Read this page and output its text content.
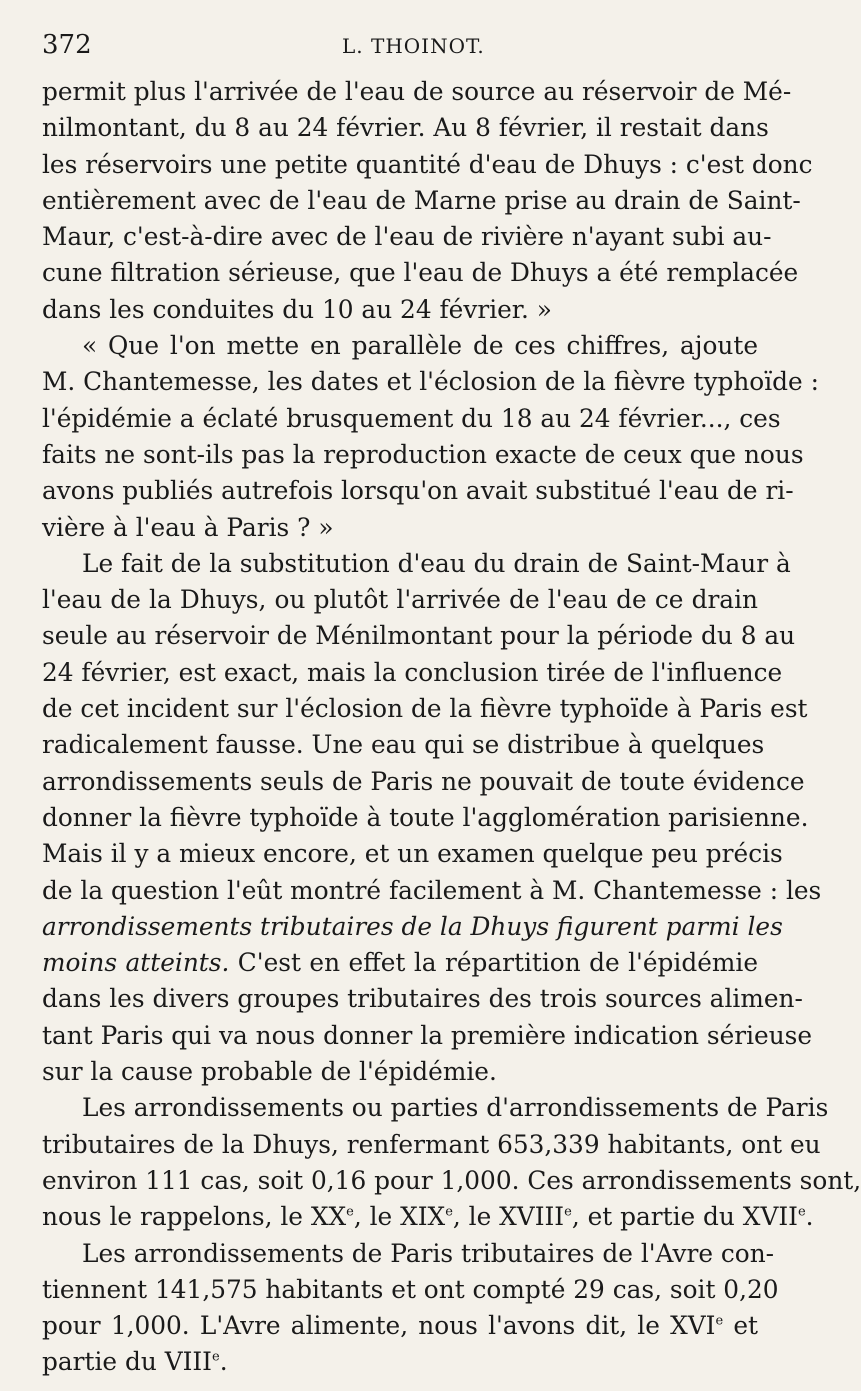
372	L. THOINOT.
permit plus l'arrivée de l'eau de source au réservoir de Mé-
nilmontant, du 8 au 24 février. Au 8 février, il restait dans
les réservoirs une petite quantité d'eau de Dhuys : c'est donc
entièrement avec de l'eau de Marne prise au drain de Saint-
Maur, c'est-à-dire avec de l'eau de rivière n'ayant subi au-
cune filtration sérieuse, que l'eau de Dhuys a été remplacée
dans les conduites du 10 au 24 février. »
« Que l'on mette en parallèle de ces chiffres, ajoute
M. Chantemesse, les dates et l'éclosion de la fièvre typhoïde :
l'épidémie a éclaté brusquement du 18 au 24 février..., ces
faits ne sont-ils pas la reproduction exacte de ceux que nous
avons publiés autrefois lorsqu'on avait substitué l'eau de ri-
vière à l'eau à Paris ? »
Le fait de la substitution d'eau du drain de Saint-Maur à
l'eau de la Dhuys, ou plutôt l'arrivée de l'eau de ce drain
seule au réservoir de Ménilmontant pour la période du 8 au
24 février, est exact, mais la conclusion tirée de l'influence
de cet incident sur l'éclosion de la fièvre typhoïde à Paris est
radicalement fausse. Une eau qui se distribue à quelques
arrondissements seuls de Paris ne pouvait de toute évidence
donner la fièvre typhoïde à toute l'agglomération parisienne.
Mais il y a mieux encore, et un examen quelque peu précis
de la question l'eût montré facilement à M. Chantemesse : les
arrondissements tributaires de la Dhuys figurent parmi les
moins atteints. C'est en effet la répartition de l'épidémie
dans les divers groupes tributaires des trois sources alimen-
tant Paris qui va nous donner la première indication sérieuse
sur la cause probable de l'épidémie.
Les arrondissements ou parties d'arrondissements de Paris
tributaires de la Dhuys, renfermant 653,339 habitants, ont eu
environ 111 cas, soit 0,16 pour 1,000. Ces arrondissements sont,
nous le rappelons, le XXe, le XIXe, le XVIIIe, et partie du XVIIe.
Les arrondissements de Paris tributaires de l'Avre con-
tiennent 141,575 habitants et ont compté 29 cas, soit 0,20
pour 1,000. L'Avre alimente, nous l'avons dit, le XVIe et
partie du VIIIe.
